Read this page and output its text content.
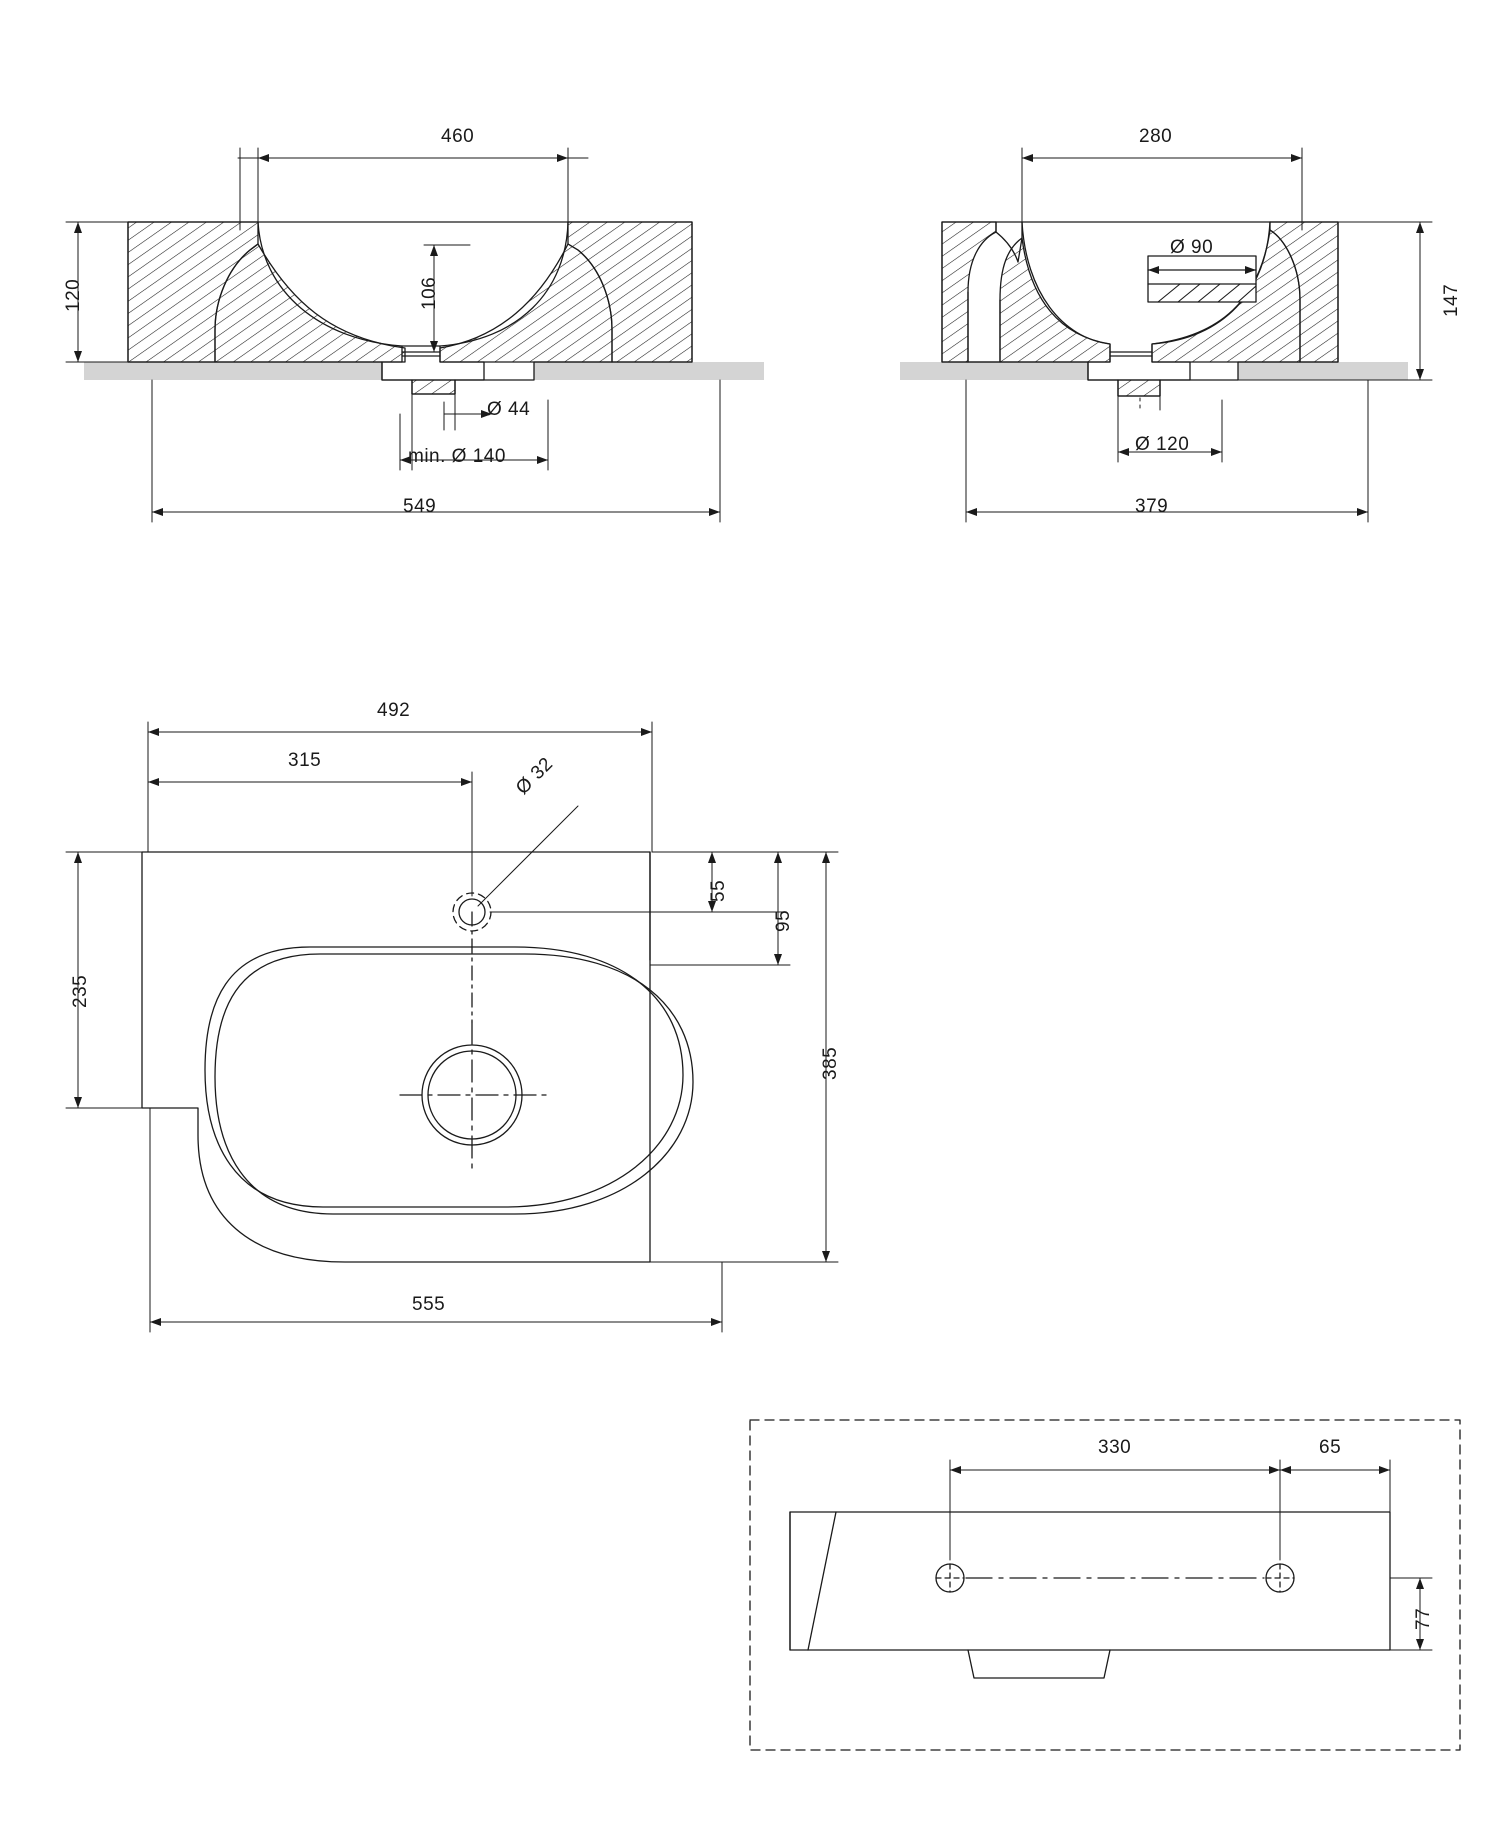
460
120	106
Ø 44
min. Ø 140
549
280
147
Ø 90
Ø 120
379
492
315	Ø 32
55
95
235
385
555
330	65
77
